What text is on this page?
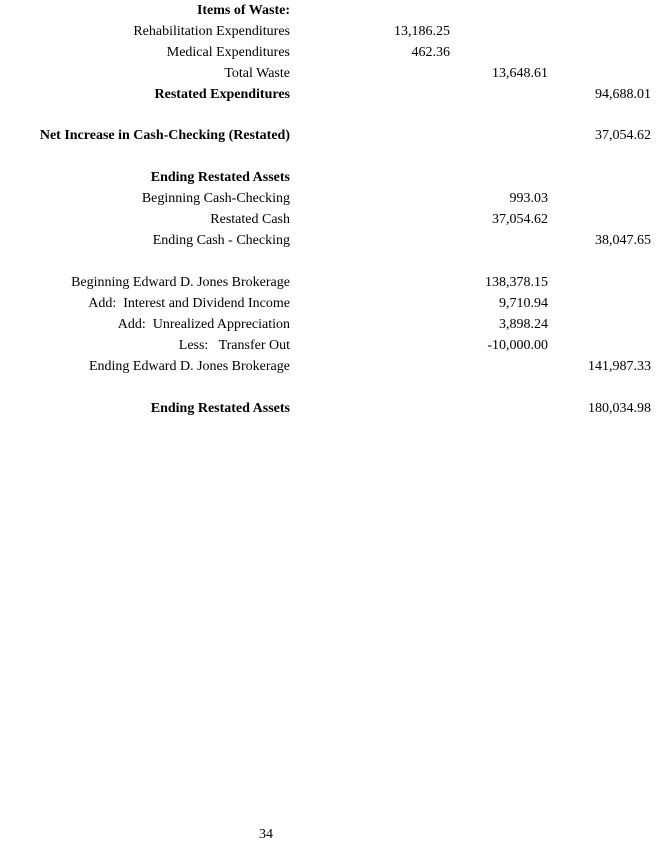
Items of Waste:
Rehabilitation Expenditures	13,186.25
Medical Expenditures	462.36
Total Waste	13,648.61
Restated Expenditures	94,688.01
Net Increase in Cash-Checking (Restated)	37,054.62
Ending Restated Assets
Beginning Cash-Checking	993.03
Restated Cash	37,054.62
Ending Cash - Checking	38,047.65
Beginning Edward D. Jones Brokerage	138,378.15
Add:  Interest and Dividend Income	9,710.94
Add:  Unrealized Appreciation	3,898.24
Less:   Transfer Out	-10,000.00
Ending Edward D. Jones Brokerage	141,987.33
Ending Restated Assets	180,034.98
34
